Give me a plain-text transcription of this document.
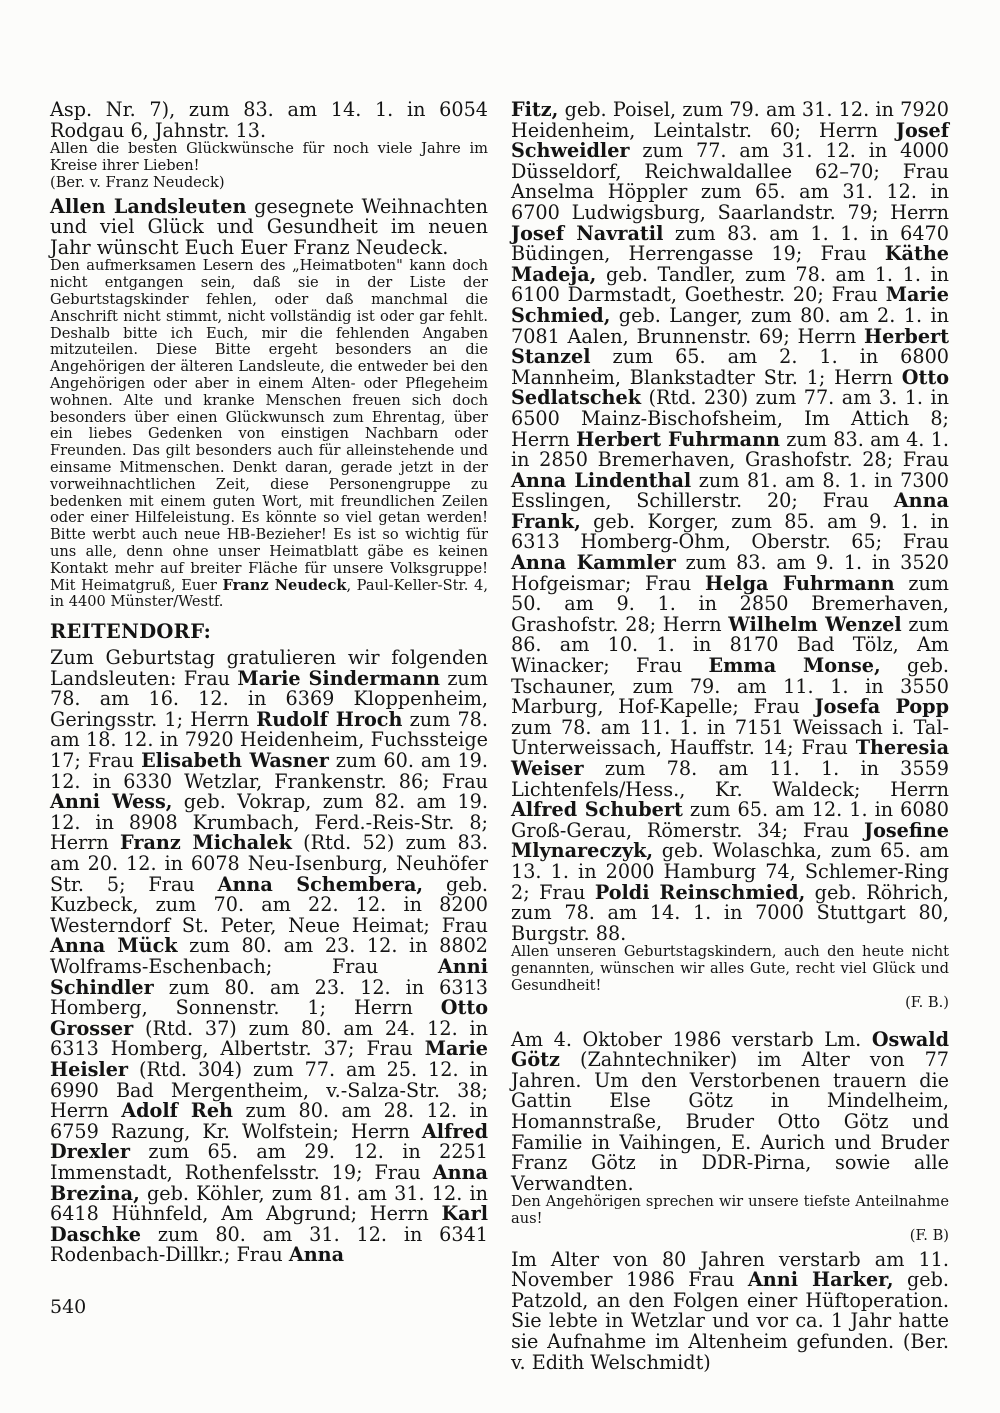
Asp. Nr. 7), zum 83. am 14. 1. in 6054 Rodgau 6, Jahnstr. 13.

Allen die besten Glückwünsche für noch viele Jahre im Kreise ihrer Lieben!

(Ber. v. Franz Neudeck)

Allen Landsleuten gesegnete Weihnachten und viel Glück und Gesundheit im neuen Jahr wünscht Euch Euer Franz Neudeck.

Den aufmerksamen Lesern des „Heimatboten" kann doch nicht entgangen sein, daß sie in der Liste der Geburtstagskinder fehlen, oder daß manchmal die Anschrift nicht stimmt, nicht vollständig ist oder gar fehlt. Deshalb bitte ich Euch, mir die fehlenden Angaben mitzuteilen. Diese Bitte ergeht besonders an die Angehörigen der älteren Landsleute, die entweder bei den Angehörigen oder aber in einem Alten- oder Pflegeheim wohnen. Alte und kranke Menschen freuen sich doch besonders über einen Glückwunsch zum Ehrentag, über ein liebes Gedenken von einstigen Nachbarn oder Freunden. Das gilt besonders auch für alleinstehende und einsame Mitmenschen. Denkt daran, gerade jetzt in der vorweihnachtlichen Zeit, diese Personengruppe zu bedenken mit einem guten Wort, mit freundlichen Zeilen oder einer Hilfeleistung. Es könnte so viel getan werden! Bitte werbt auch neue HB-Bezieher! Es ist so wichtig für uns alle, denn ohne unser Heimatblatt gäbe es keinen Kontakt mehr auf breiter Fläche für unsere Volksgruppe! Mit Heimatgruß, Euer Franz Neudeck, Paul-Keller-Str. 4, in 4400 Münster/Westf.

REITENDORF:

Zum Geburtstag gratulieren wir folgenden Landsleuten: Frau Marie Sindermann zum 78. am 16. 12. in 6369 Kloppenheim, Geringsstr. 1; Herrn Rudolf Hroch zum 78. am 18. 12. in 7920 Heidenheim, Fuchssteige 17; Frau Elisabeth Wasner zum 60. am 19. 12. in 6330 Wetzlar, Frankenstr. 86; Frau Anni Wess, geb. Vokrap, zum 82. am 19. 12. in 8908 Krumbach, Ferd.-Reis-Str. 8; Herrn Franz Michalek (Rtd. 52) zum 83. am 20. 12. in 6078 Neu-Isenburg, Neuhöfer Str. 5; Frau Anna Schembera, geb. Kuzbeck, zum 70. am 22. 12. in 8200 Westerndorf St. Peter, Neue Heimat; Frau Anna Mück zum 80. am 23. 12. in 8802 Wolframs-Eschenbach; Frau Anni Schindler zum 80. am 23. 12. in 6313 Homberg, Sonnenstr. 1; Herrn Otto Grosser (Rtd. 37) zum 80. am 24. 12. in 6313 Homberg, Albertstr. 37; Frau Marie Heisler (Rtd. 304) zum 77. am 25. 12. in 6990 Bad Mergentheim, v.-Salza-Str. 38; Herrn Adolf Reh zum 80. am 28. 12. in 6759 Razung, Kr. Wolfstein; Herrn Alfred Drexler zum 65. am 29. 12. in 2251 Immenstadt, Rothenfelsstr. 19; Frau Anna Brezina, geb. Köhler, zum 81. am 31. 12. in 6418 Hühnfeld, Am Abgrund; Herrn Karl Daschke zum 80. am 31. 12. in 6341 Rodenbach-Dillkr.; Frau Anna

Fitz, geb. Poisel, zum 79. am 31. 12. in 7920 Heidenheim, Leintalstr. 60; Herrn Josef Schweidler zum 77. am 31. 12. in 4000 Düsseldorf, Reichwaldallee 62–70; Frau Anselma Höppler zum 65. am 31. 12. in 6700 Ludwigsburg, Saarlandstr. 79; Herrn Josef Navratil zum 83. am 1. 1. in 6470 Büdingen, Herrengasse 19; Frau Käthe Madeja, geb. Tandler, zum 78. am 1. 1. in 6100 Darmstadt, Goethestr. 20; Frau Marie Schmied, geb. Langer, zum 80. am 2. 1. in 7081 Aalen, Brunnenstr. 69; Herrn Herbert Stanzel zum 65. am 2. 1. in 6800 Mannheim, Blankstadter Str. 1; Herrn Otto Sedlatschek (Rtd. 230) zum 77. am 3. 1. in 6500 Mainz-Bischofsheim, Im Attich 8; Herrn Herbert Fuhrmann zum 83. am 4. 1. in 2850 Bremerhaven, Grashofstr. 28; Frau Anna Lindenthal zum 81. am 8. 1. in 7300 Esslingen, Schillerstr. 20; Frau Anna Frank, geb. Korger, zum 85. am 9. 1. in 6313 Homberg-Ohm, Oberstr. 65; Frau Anna Kammler zum 83. am 9. 1. in 3520 Hofgeismar; Frau Helga Fuhrmann zum 50. am 9. 1. in 2850 Bremerhaven, Grashofstr. 28; Herrn Wilhelm Wenzel zum 86. am 10. 1. in 8170 Bad Tölz, Am Winacker; Frau Emma Monse, geb. Tschauner, zum 79. am 11. 1. in 3550 Marburg, Hof-Kapelle; Frau Josefa Popp zum 78. am 11. 1. in 7151 Weissach i. Tal-Unterweissach, Hauffstr. 14; Frau Theresia Weiser zum 78. am 11. 1. in 3559 Lichtenfels/Hess., Kr. Waldeck; Herrn Alfred Schubert zum 65. am 12. 1. in 6080 Groß-Gerau, Römerstr. 34; Frau Josefine Mlynareczyk, geb. Wolaschka, zum 65. am 13. 1. in 2000 Hamburg 74, Schlemer-Ring 2; Frau Poldi Reinschmied, geb. Röhrich, zum 78. am 14. 1. in 7000 Stuttgart 80, Burgstr. 88.

Allen unseren Geburtstagskindern, auch den heute nicht genannten, wünschen wir alles Gute, recht viel Glück und Gesundheit!

(F. B.)

Am 4. Oktober 1986 verstarb Lm. Oswald Götz (Zahntechniker) im Alter von 77 Jahren. Um den Verstorbenen trauern die Gattin Else Götz in Mindelheim, Homannstraße, Bruder Otto Götz und Familie in Vaihingen, E. Aurich und Bruder Franz Götz in DDR-Pirna, sowie alle Verwandten.

Den Angehörigen sprechen wir unsere tiefste Anteilnahme aus!

(F. B)

Im Alter von 80 Jahren verstarb am 11. November 1986 Frau Anni Harker, geb. Patzold, an den Folgen einer Hüftoperation. Sie lebte in Wetzlar und vor ca. 1 Jahr hatte sie Aufnahme im Altenheim gefunden. (Ber. v. Edith Welschmidt)

540
